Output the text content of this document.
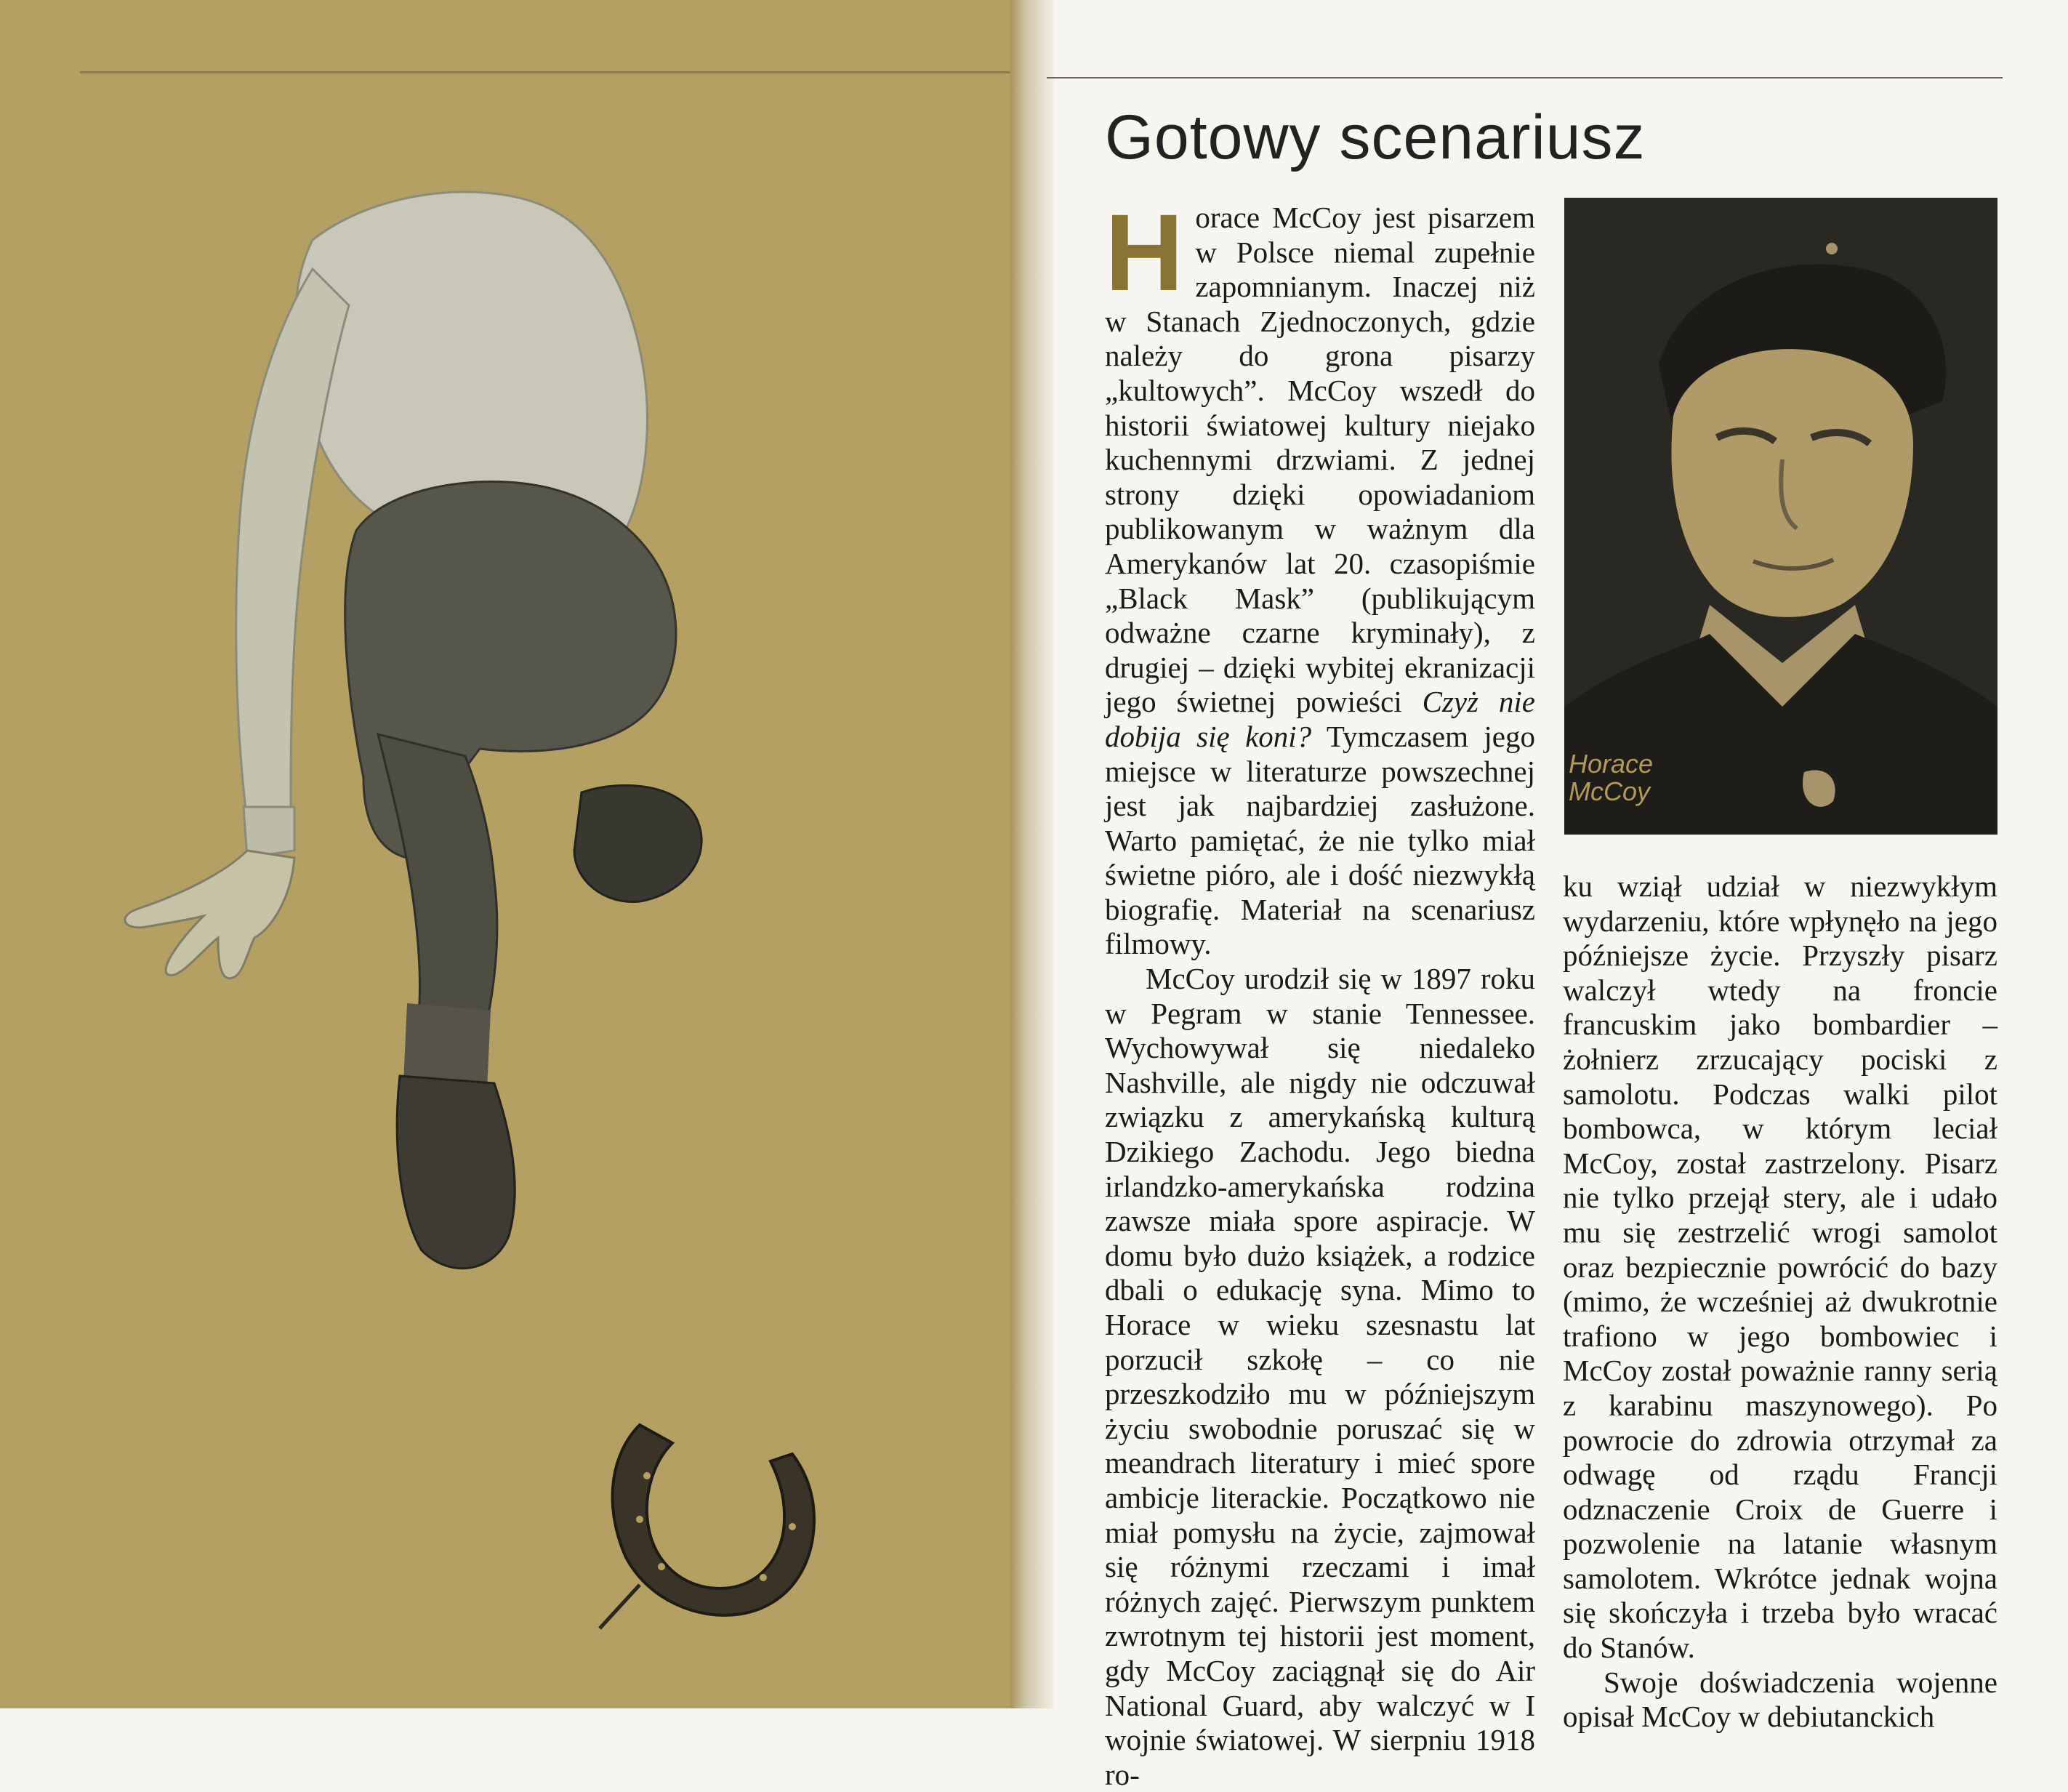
Gotowy scenariusz

H orace McCoy jest pisarzem w Polsce niemal zupełnie zapomnianym. Inaczej niż w Stanach Zjednoczonych, gdzie należy do grona pisarzy „kultowych”. McCoy wszedł do historii światowej kultury niejako kuchennymi drzwiami. Z jednej strony dzięki opowiadaniom publikowanym w ważnym dla Amerykanów lat 20. czasopiśmie „Black Mask” (publikującym odważne czarne kryminały), z drugiej – dzięki wybitej ekranizacji jego świetnej powieści Czyż nie dobija się koni? Tymczasem jego miejsce w literaturze powszechnej jest jak najbardziej zasłużone. Warto pamiętać, że nie tylko miał świetne pióro, ale i dość niezwykłą biografię. Materiał na scenariusz filmowy.

McCoy urodził się w 1897 roku w Pegram w stanie Tennessee. Wychowywał się niedaleko Nashville, ale nigdy nie odczuwał związku z amerykańską kulturą Dzikiego Zachodu. Jego biedna irlandzko-amerykańska rodzina zawsze miała spore aspiracje. W domu było dużo książek, a rodzice dbali o edukację syna. Mimo to Horace w wieku szesnastu lat porzucił szkołę – co nie przeszkodziło mu w późniejszym życiu swobodnie poruszać się w meandrach literatury i mieć spore ambicje literackie. Początkowo nie miał pomysłu na życie, zajmował się różnymi rzeczami i imał różnych zajęć. Pierwszym punktem zwrotnym tej historii jest moment, gdy McCoy zaciągnął się do Air National Guard, aby walczyć w I wojnie światowej. W sierpniu 1918 ro-

Horace
McCoy

ku wziął udział w niezwykłym wydarzeniu, które wpłynęło na jego późniejsze życie. Przyszły pisarz walczył wtedy na froncie francuskim jako bombardier – żołnierz zrzucający pociski z samolotu. Podczas walki pilot bombowca, w którym leciał McCoy, został zastrzelony. Pisarz nie tylko przejął stery, ale i udało mu się zestrzelić wrogi samolot oraz bezpiecznie powrócić do bazy (mimo, że wcześniej aż dwukrotnie trafiono w jego bombowiec i McCoy został poważnie ranny serią z karabinu maszynowego). Po powrocie do zdrowia otrzymał za odwagę od rządu Francji odznaczenie Croix de Guerre i pozwolenie na latanie własnym samolotem. Wkrótce jednak wojna się skończyła i trzeba było wracać do Stanów.

Swoje doświadczenia wojenne opisał McCoy w debiutanckich
